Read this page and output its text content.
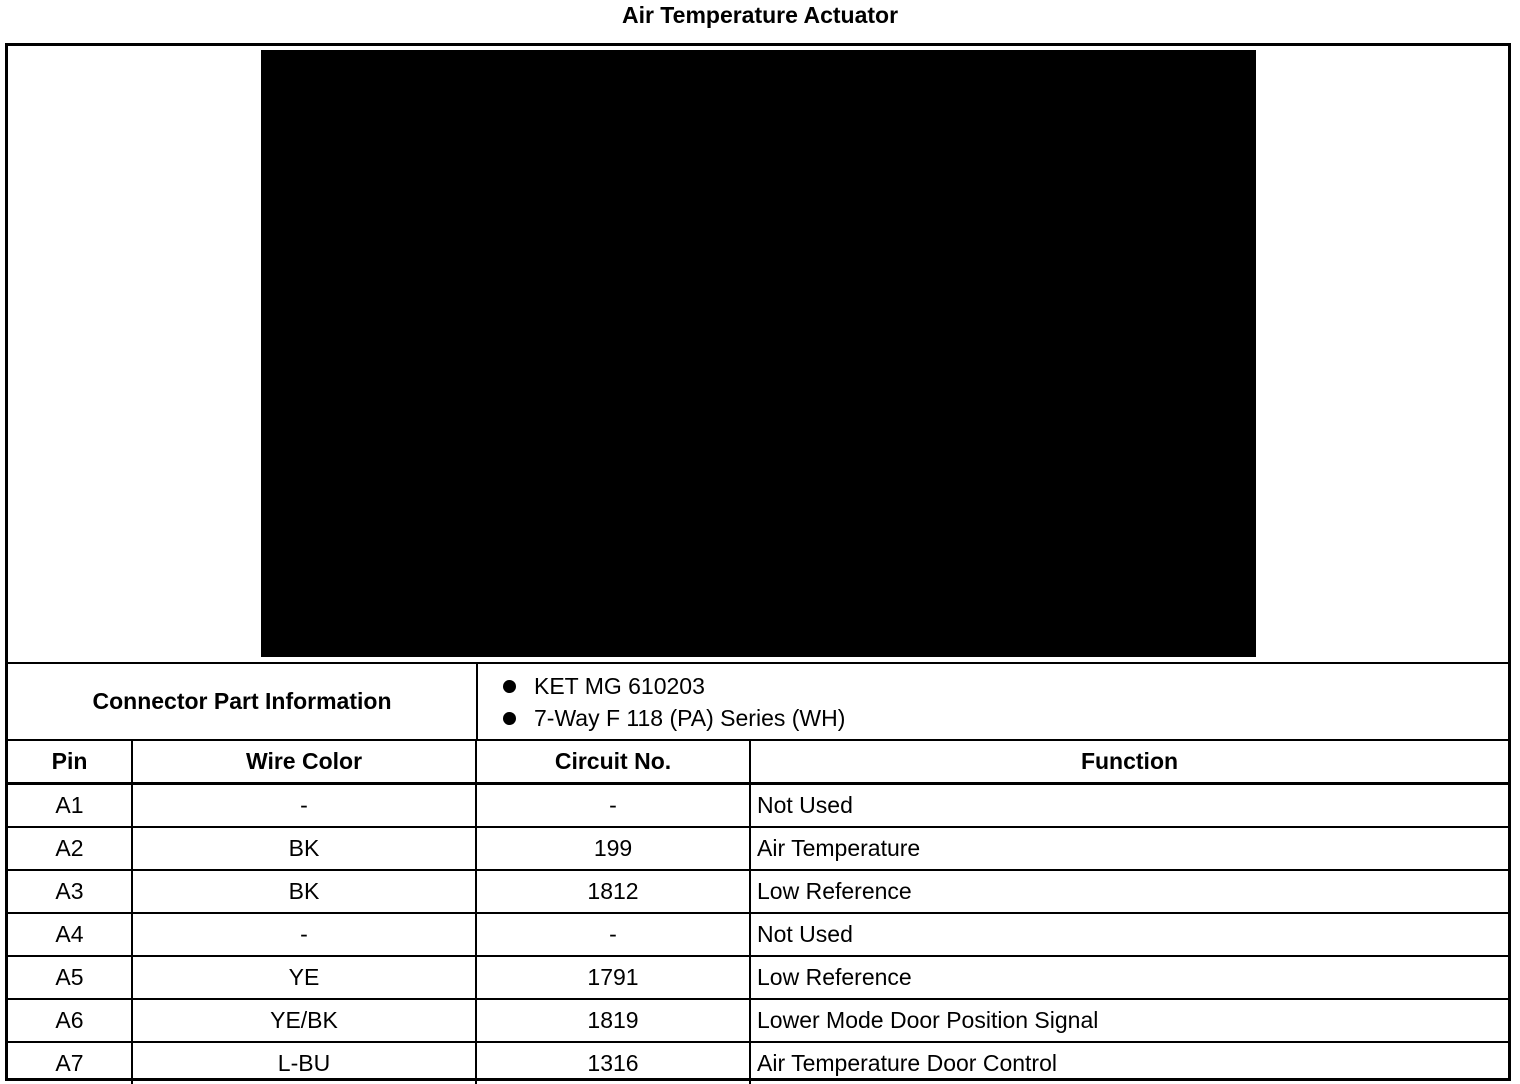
Air Temperature Actuator
Connector Part Information
KET MG 610203
7-Way F 118 (PA) Series (WH)
Pin	Wire Color	Circuit No.	Function
A1	-	-	Not Used
A2	BK	199	Air Temperature
A3	BK	1812	Low Reference
A4	-	-	Not Used
A5	YE	1791	Low Reference
A6	YE/BK	1819	Lower Mode Door Position Signal
A7	L-BU	1316	Air Temperature Door Control
